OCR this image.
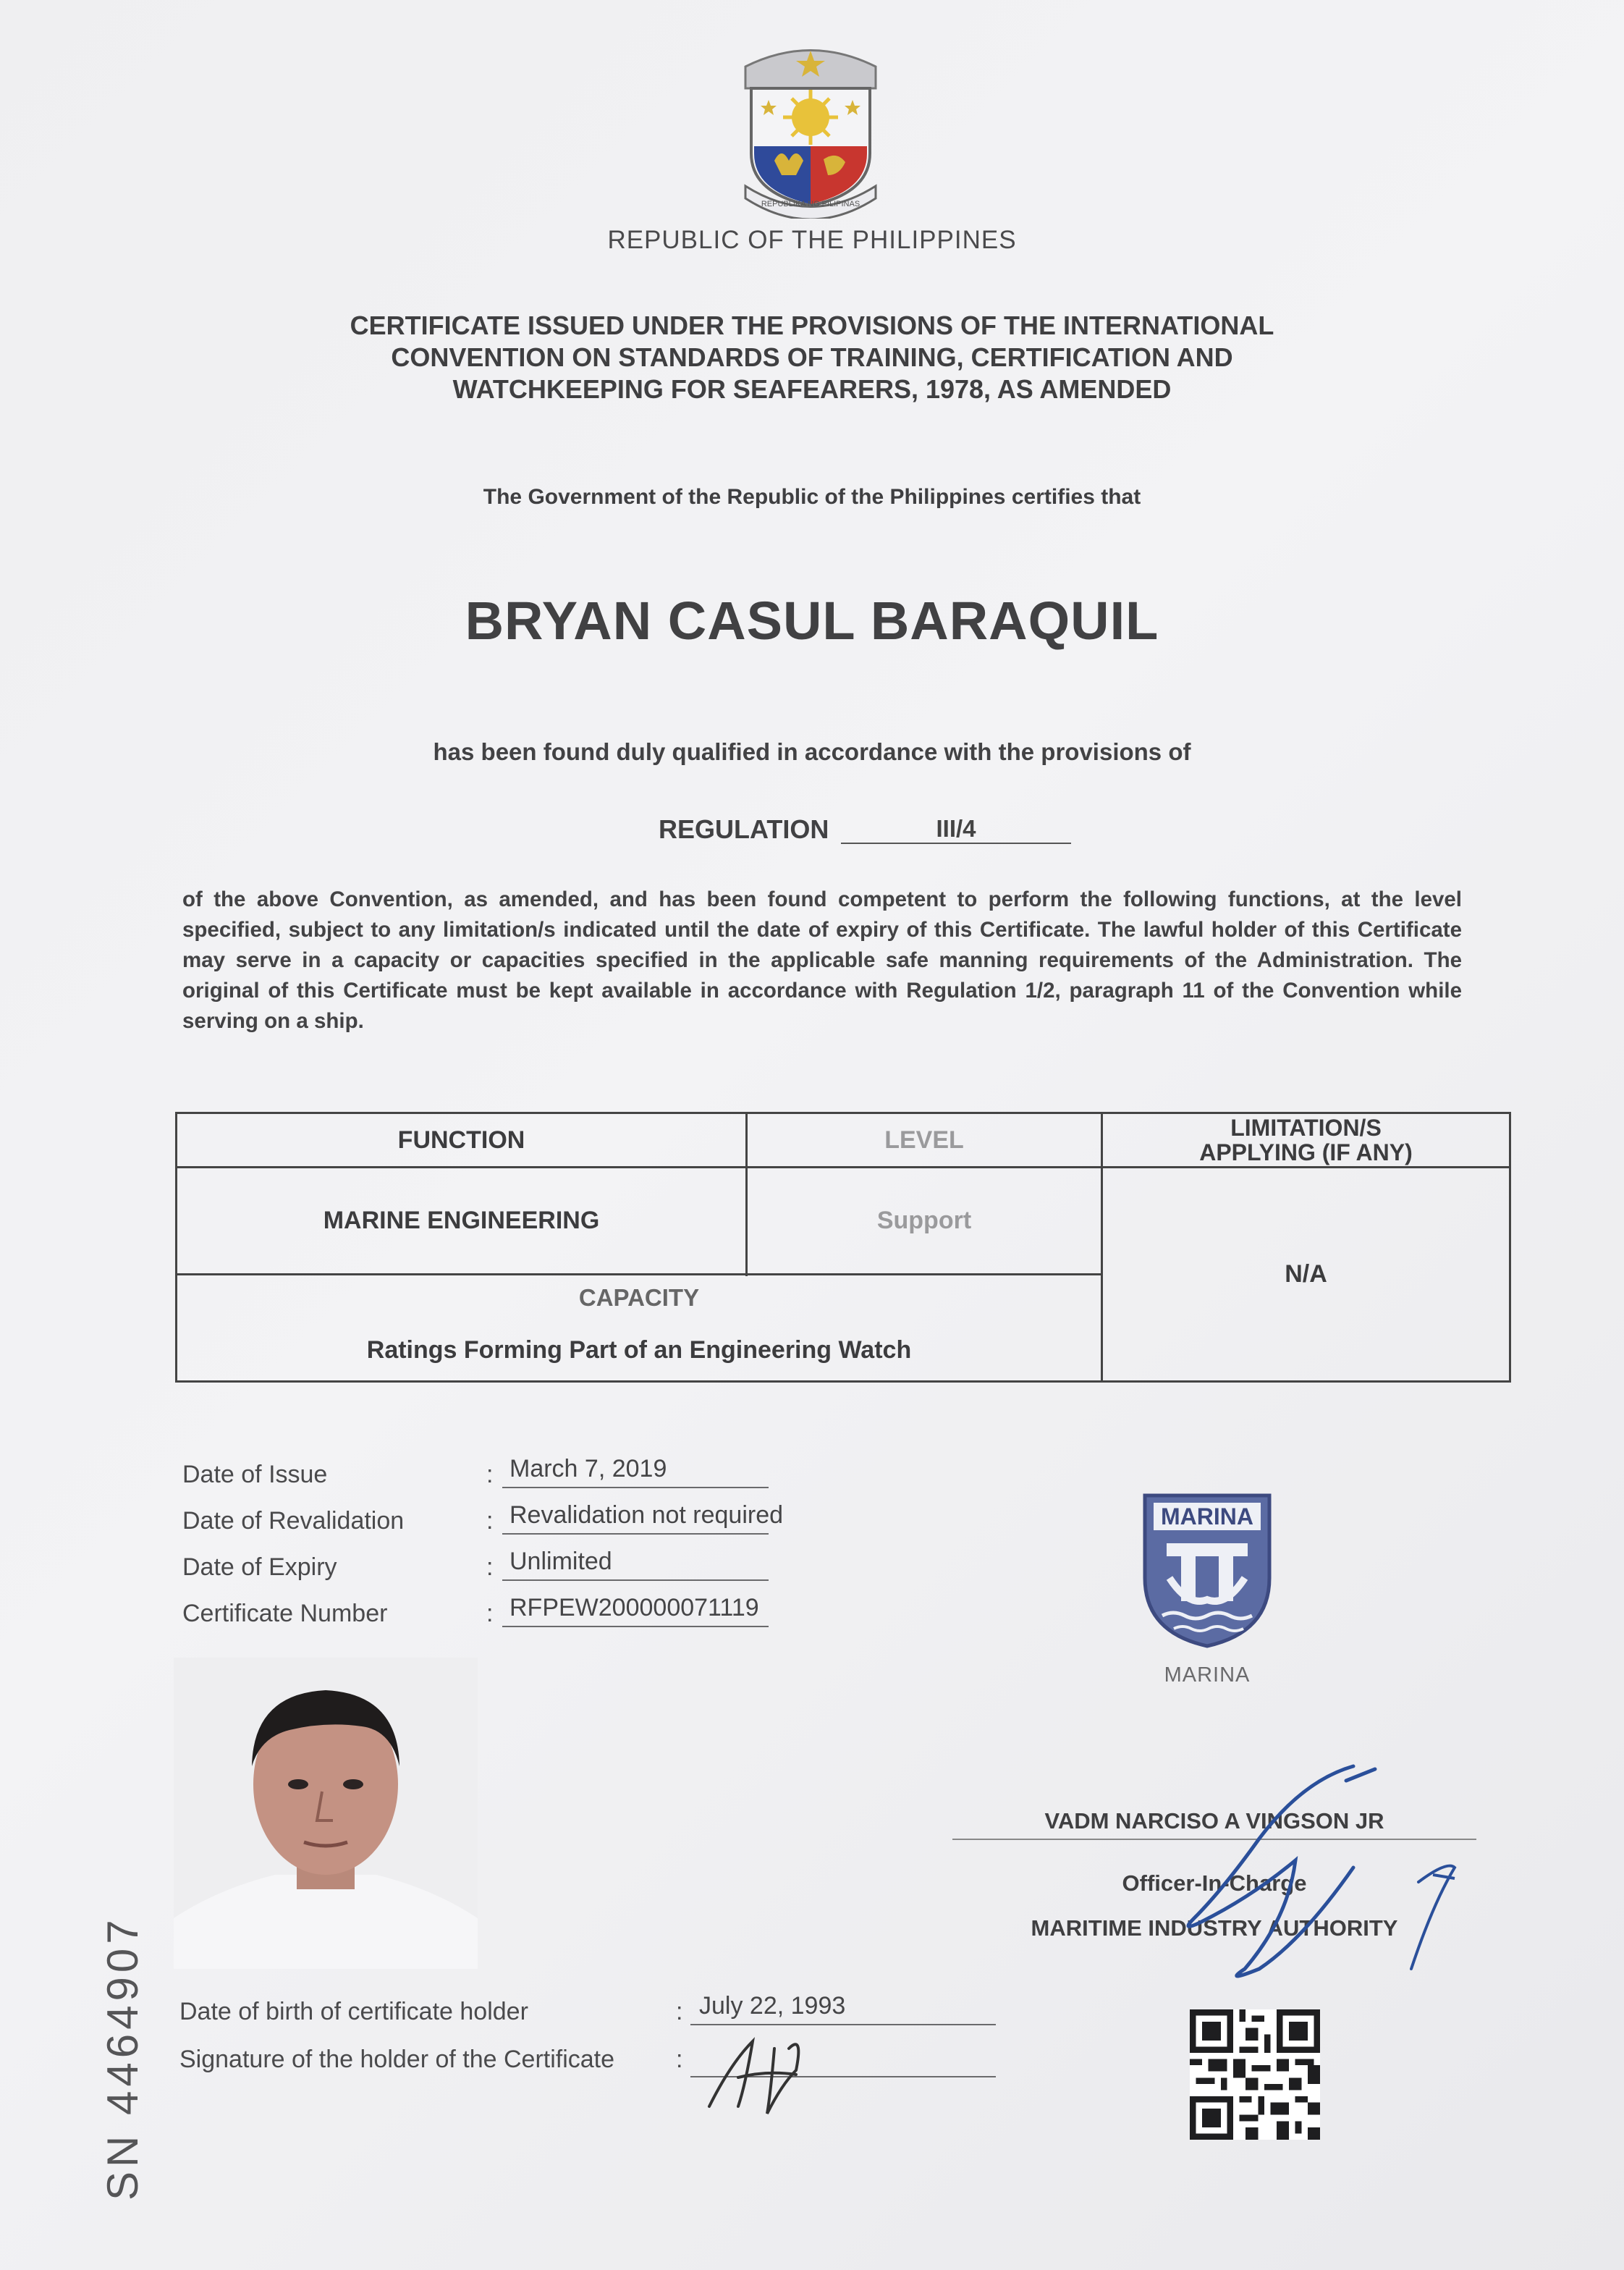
REPUBLIKA NG PILIPINAS
REPUBLIC OF THE PHILIPPINES
CERTIFICATE ISSUED UNDER THE PROVISIONS OF THE INTERNATIONAL
CONVENTION ON STANDARDS OF TRAINING, CERTIFICATION AND
WATCHKEEPING FOR SEAFEARERS, 1978, AS AMENDED
The Government of the Republic of the Philippines certifies that
BRYAN CASUL BARAQUIL
has been found duly qualified in accordance with the provisions of
REGULATION	III/4
of the above Convention, as amended, and has been found competent to perform the following functions, at the level specified, subject to any limitation/s indicated until the date of expiry of this Certificate. The lawful holder of this Certificate may serve in a capacity or capacities specified in the applicable safe manning requirements of the Administration. The original of this Certificate must be kept available in accordance with Regulation 1/2, paragraph 11 of the Convention while serving on a ship.
FUNCTION	LEVEL	LIMITATION/S
APPLYING (IF ANY)
MARINE ENGINEERING	Support
CAPACITY
Ratings Forming Part of an Engineering Watch
N/A
Date of Issue	: March 7, 2019
Date of Revalidation	: Revalidation not required
Date of Expiry	: Unlimited
Certificate Number	: RFPEW200000071119
MARINA
MARINA
VADM NARCISO A VINGSON JR
Officer-In-Charge
MARITIME INDUSTRY AUTHORITY
Date of birth of certificate holder	: July 22, 1993
Signature of the holder of the Certificate :
SN 4464907
